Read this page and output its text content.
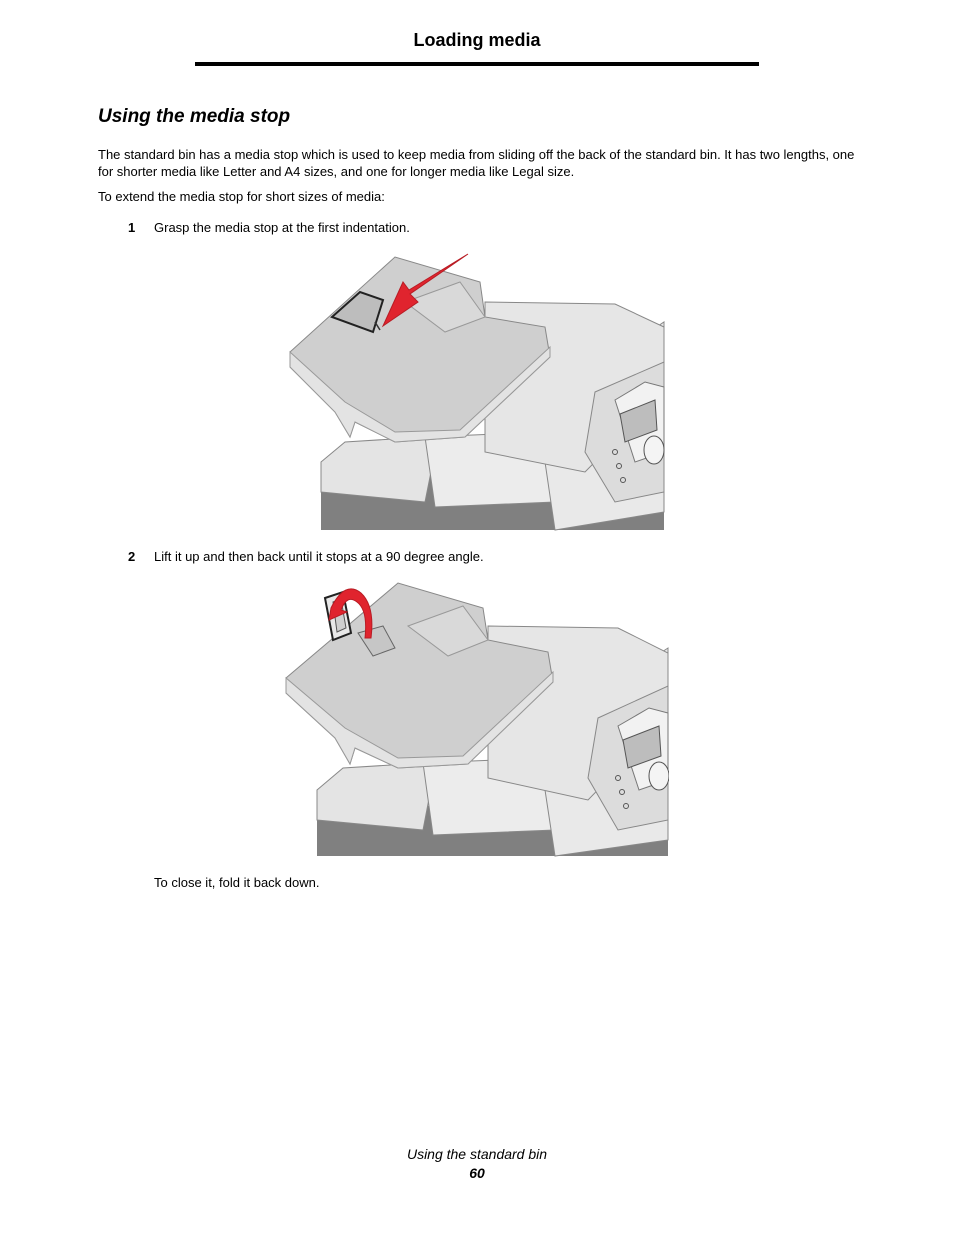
Loading media
Using the media stop
The standard bin has a media stop which is used to keep media from sliding off the back of the standard bin. It has two lengths, one for shorter media like Letter and A4 sizes, and one for longer media like Legal size.
To extend the media stop for short sizes of media:
1 Grasp the media stop at the first indentation.
2 Lift it up and then back until it stops at a 90 degree angle.
To close it, fold it back down.
Using the standard bin
60
